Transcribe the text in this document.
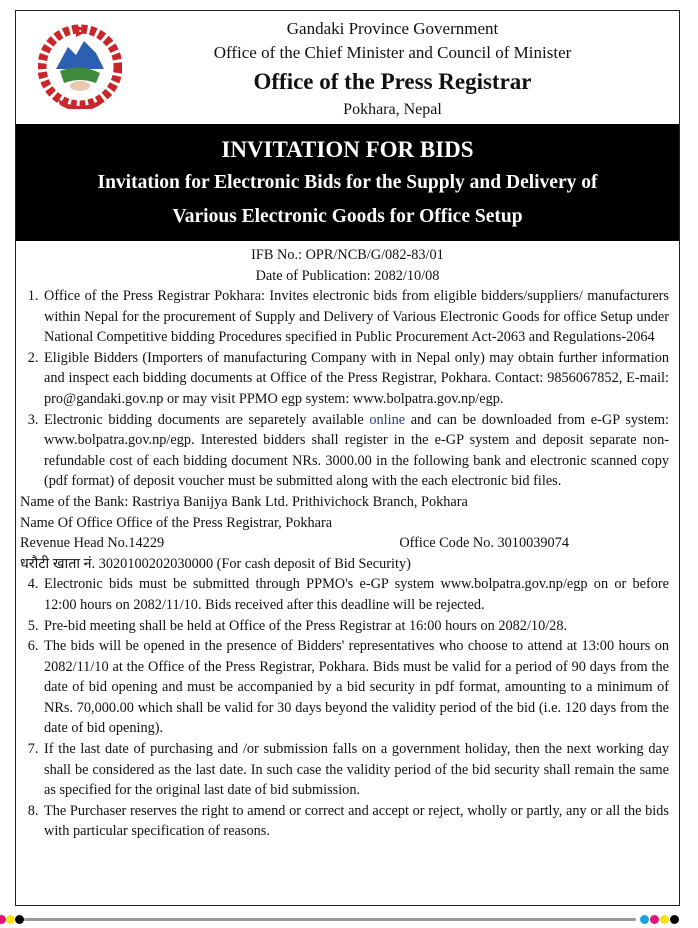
Gandaki Province Government
Office of the Chief Minister and Council of Minister
Office of the Press Registrar
Pokhara, Nepal
INVITATION FOR BIDS
Invitation for Electronic Bids for the Supply and Delivery of
Various Electronic Goods for Office Setup
IFB No.: OPR/NCB/G/082-83/01
Date of Publication: 2082/10/08
1. Office of the Press Registrar Pokhara: Invites electronic bids from eligible bidders/suppliers/ manufacturers within Nepal for the procurement of Supply and Delivery of Various Electronic Goods for office Setup under National Competitive bidding Procedures specified in Public Procurement Act-2063 and Regulations-2064
2. Eligible Bidders (Importers of manufacturing Company with in Nepal only) may obtain further information and inspect each bidding documents at Office of the Press Registrar, Pokhara. Contact: 9856067852, E-mail: pro@gandaki.gov.np or may visit PPMO egp system: www.bolpatra.gov.np/egp.
3. Electronic bidding documents are separetely available online and can be downloaded from e-GP system: www.bolpatra.gov.np/egp. Interested bidders shall register in the e-GP system and deposit separate non-refundable cost of each bidding document NRs. 3000.00 in the following bank and electronic scanned copy (pdf format) of deposit voucher must be submitted along with the each electronic bid files.
Name of the Bank: Rastriya Banijya Bank Ltd. Prithivichock Branch, Pokhara
Name Of Office Office of the Press Registrar, Pokhara
Revenue Head No.14229	Office Code No. 3010039074
धरौटी खाता नं. 3020100202030000 (For cash deposit of Bid Security)
4. Electronic bids must be submitted through PPMO's e-GP system www.bolpatra.gov.np/egp on or before 12:00 hours on 2082/11/10. Bids received after this deadline will be rejected.
5. Pre-bid meeting shall be held at Office of the Press Registrar at 16:00 hours on 2082/10/28.
6. The bids will be opened in the presence of Bidders' representatives who choose to attend at 13:00 hours on 2082/11/10 at the Office of the Press Registrar, Pokhara. Bids must be valid for a period of 90 days from the date of bid opening and must be accompanied by a bid security in pdf format, amounting to a minimum of NRs. 70,000.00 which shall be valid for 30 days beyond the validity period of the bid (i.e. 120 days from the date of bid opening).
7. If the last date of purchasing and /or submission falls on a government holiday, then the next working day shall be considered as the last date. In such case the validity period of the bid security shall remain the same as specified for the original last date of bid submission.
8. The Purchaser reserves the right to amend or correct and accept or reject, wholly or partly, any or all the bids with particular specification of reasons.
